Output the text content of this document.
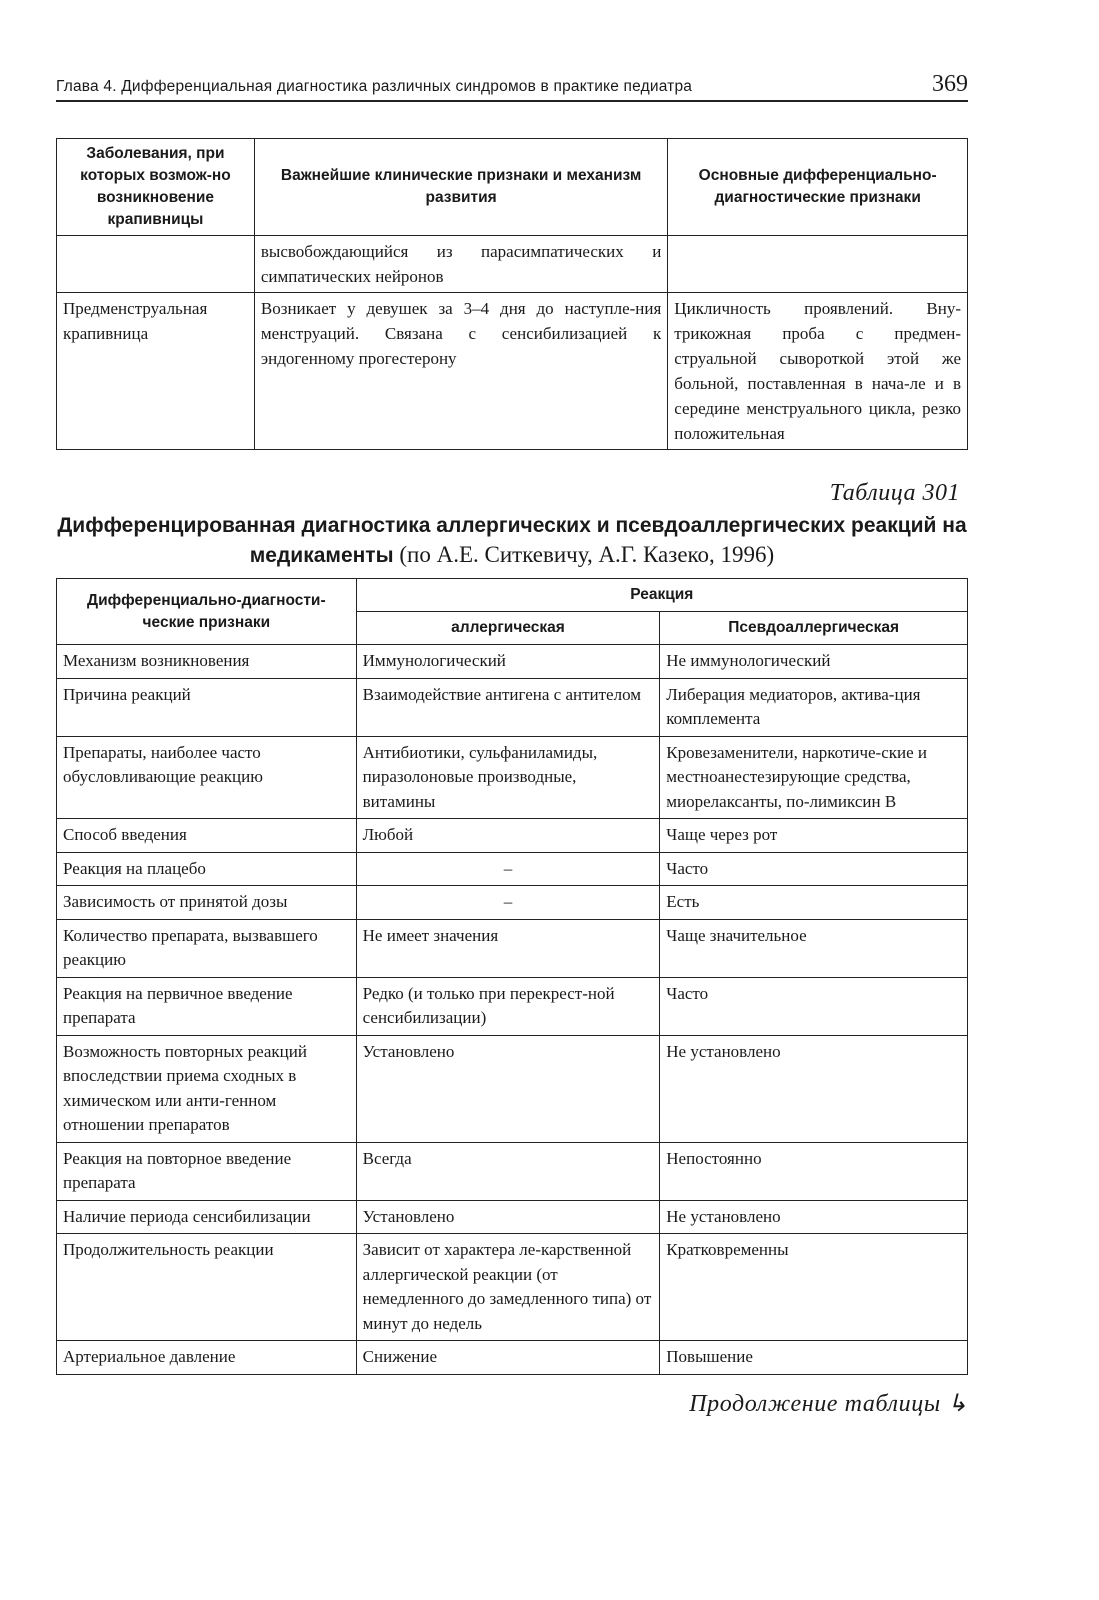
Глава 4. Дифференциальная диагностика различных синдромов в практике педиатра	369
Заболевания, при которых возмож-но возникновение крапивницы	Важнейшие клинические признаки и механизм развития	Основные дифференциально-диагностические признаки
	высвобождающийся из парасимпатических и симпатических нейронов	
Предменструальная крапивница	Возникает у девушек за 3–4 дня до наступле-ния менструаций. Связана с сенсибилизацией к эндогенному прогестерону	Цикличность проявлений. Вну-трикожная проба с предмен-струальной сывороткой этой же больной, поставленная в нача-ле и в середине менструального цикла, резко положительная
Таблица 301
Дифференцированная диагностика аллергических и псевдоаллергических реакций на медикаменты (по А.Е. Ситкевичу, А.Г. Казеко, 1996)
Дифференциально-диагности-ческие признаки	Реакция	
	аллергическая	Псевдоаллергическая
Механизм возникновения	Иммунологический	Не иммунологический
Причина реакций	Взаимодействие антигена с антителом	Либерация медиаторов, актива-ция комплемента
Препараты, наиболее часто обусловливающие реакцию	Антибиотики, сульфаниламиды, пиразолоновые производные, витамины	Кровезаменители, наркотиче-ские и местноанестезирующие средства, миорелаксанты, по-лимиксин В
Способ введения	Любой	Чаще через рот
Реакция на плацебо	–	Часто
Зависимость от принятой дозы	–	Есть
Количество препарата, вызвавшего реакцию	Не имеет значения	Чаще значительное
Реакция на первичное введение препарата	Редко (и только при перекрест-ной сенсибилизации)	Часто
Возможность повторных реакций впоследствии приема сходных в химическом или анти-генном отношении препаратов	Установлено	Не установлено
Реакция на повторное введение препарата	Всегда	Непостоянно
Наличие периода сенсибилизации	Установлено	Не установлено
Продолжительность реакции	Зависит от характера ле-карственной аллергической реакции (от немедленного до замедленного типа) от минут до недель	Кратковременны
Артериальное давление	Снижение	Повышение
Продолжение таблицы ↳
